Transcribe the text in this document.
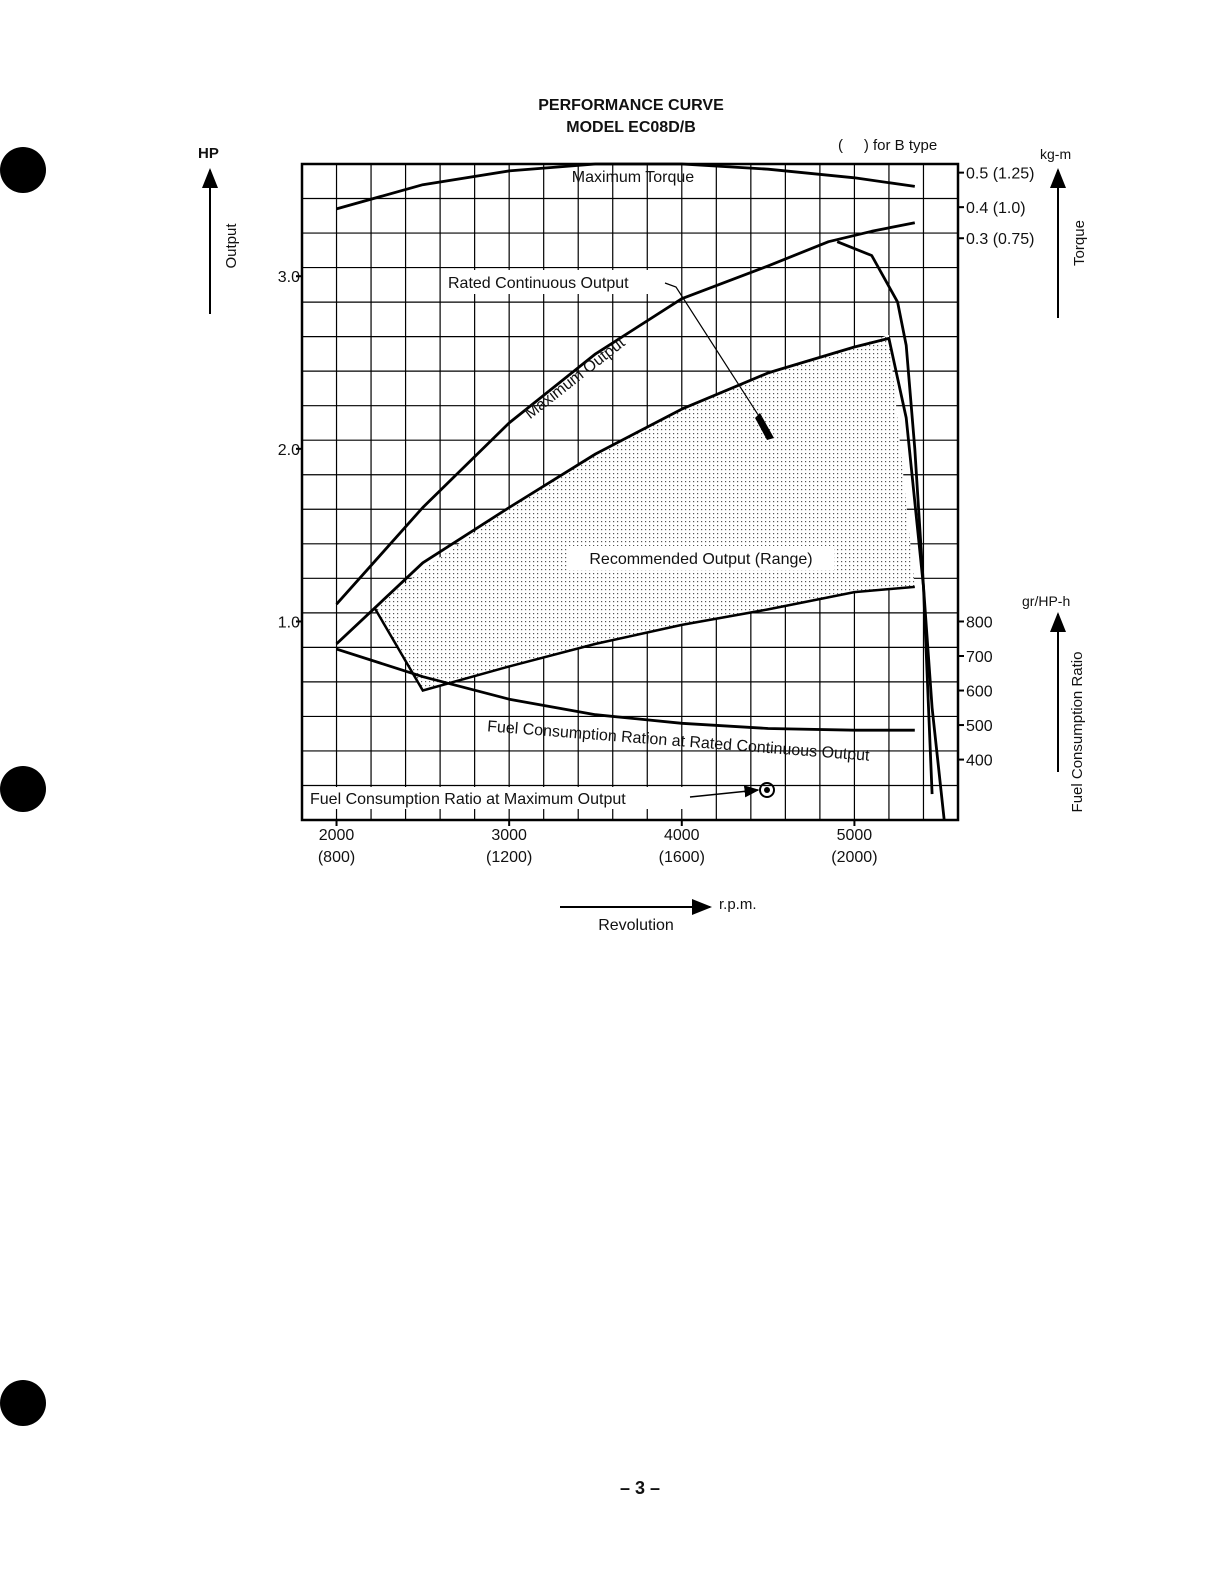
PERFORMANCE CURVE
MODEL EC08D/B
(     ) for B type
2000
(800)
3000
(1200)
4000
(1600)
5000
(2000)
1.0
2.0
3.0
0.5 (1.25)
0.4 (1.0)
0.3 (0.75)
800
700
600
500
400
HP
Output
kg-m
Torque
gr/HP-h
Fuel Consumption Ratio
r.p.m.
Revolution
Maximum Torque
Maximum Output
Rated Continuous Output
Recommended Output (Range)
Fuel Consumption Ration at Rated Continuous Output
Fuel Consumption Ratio at Maximum Output
– 3 –
